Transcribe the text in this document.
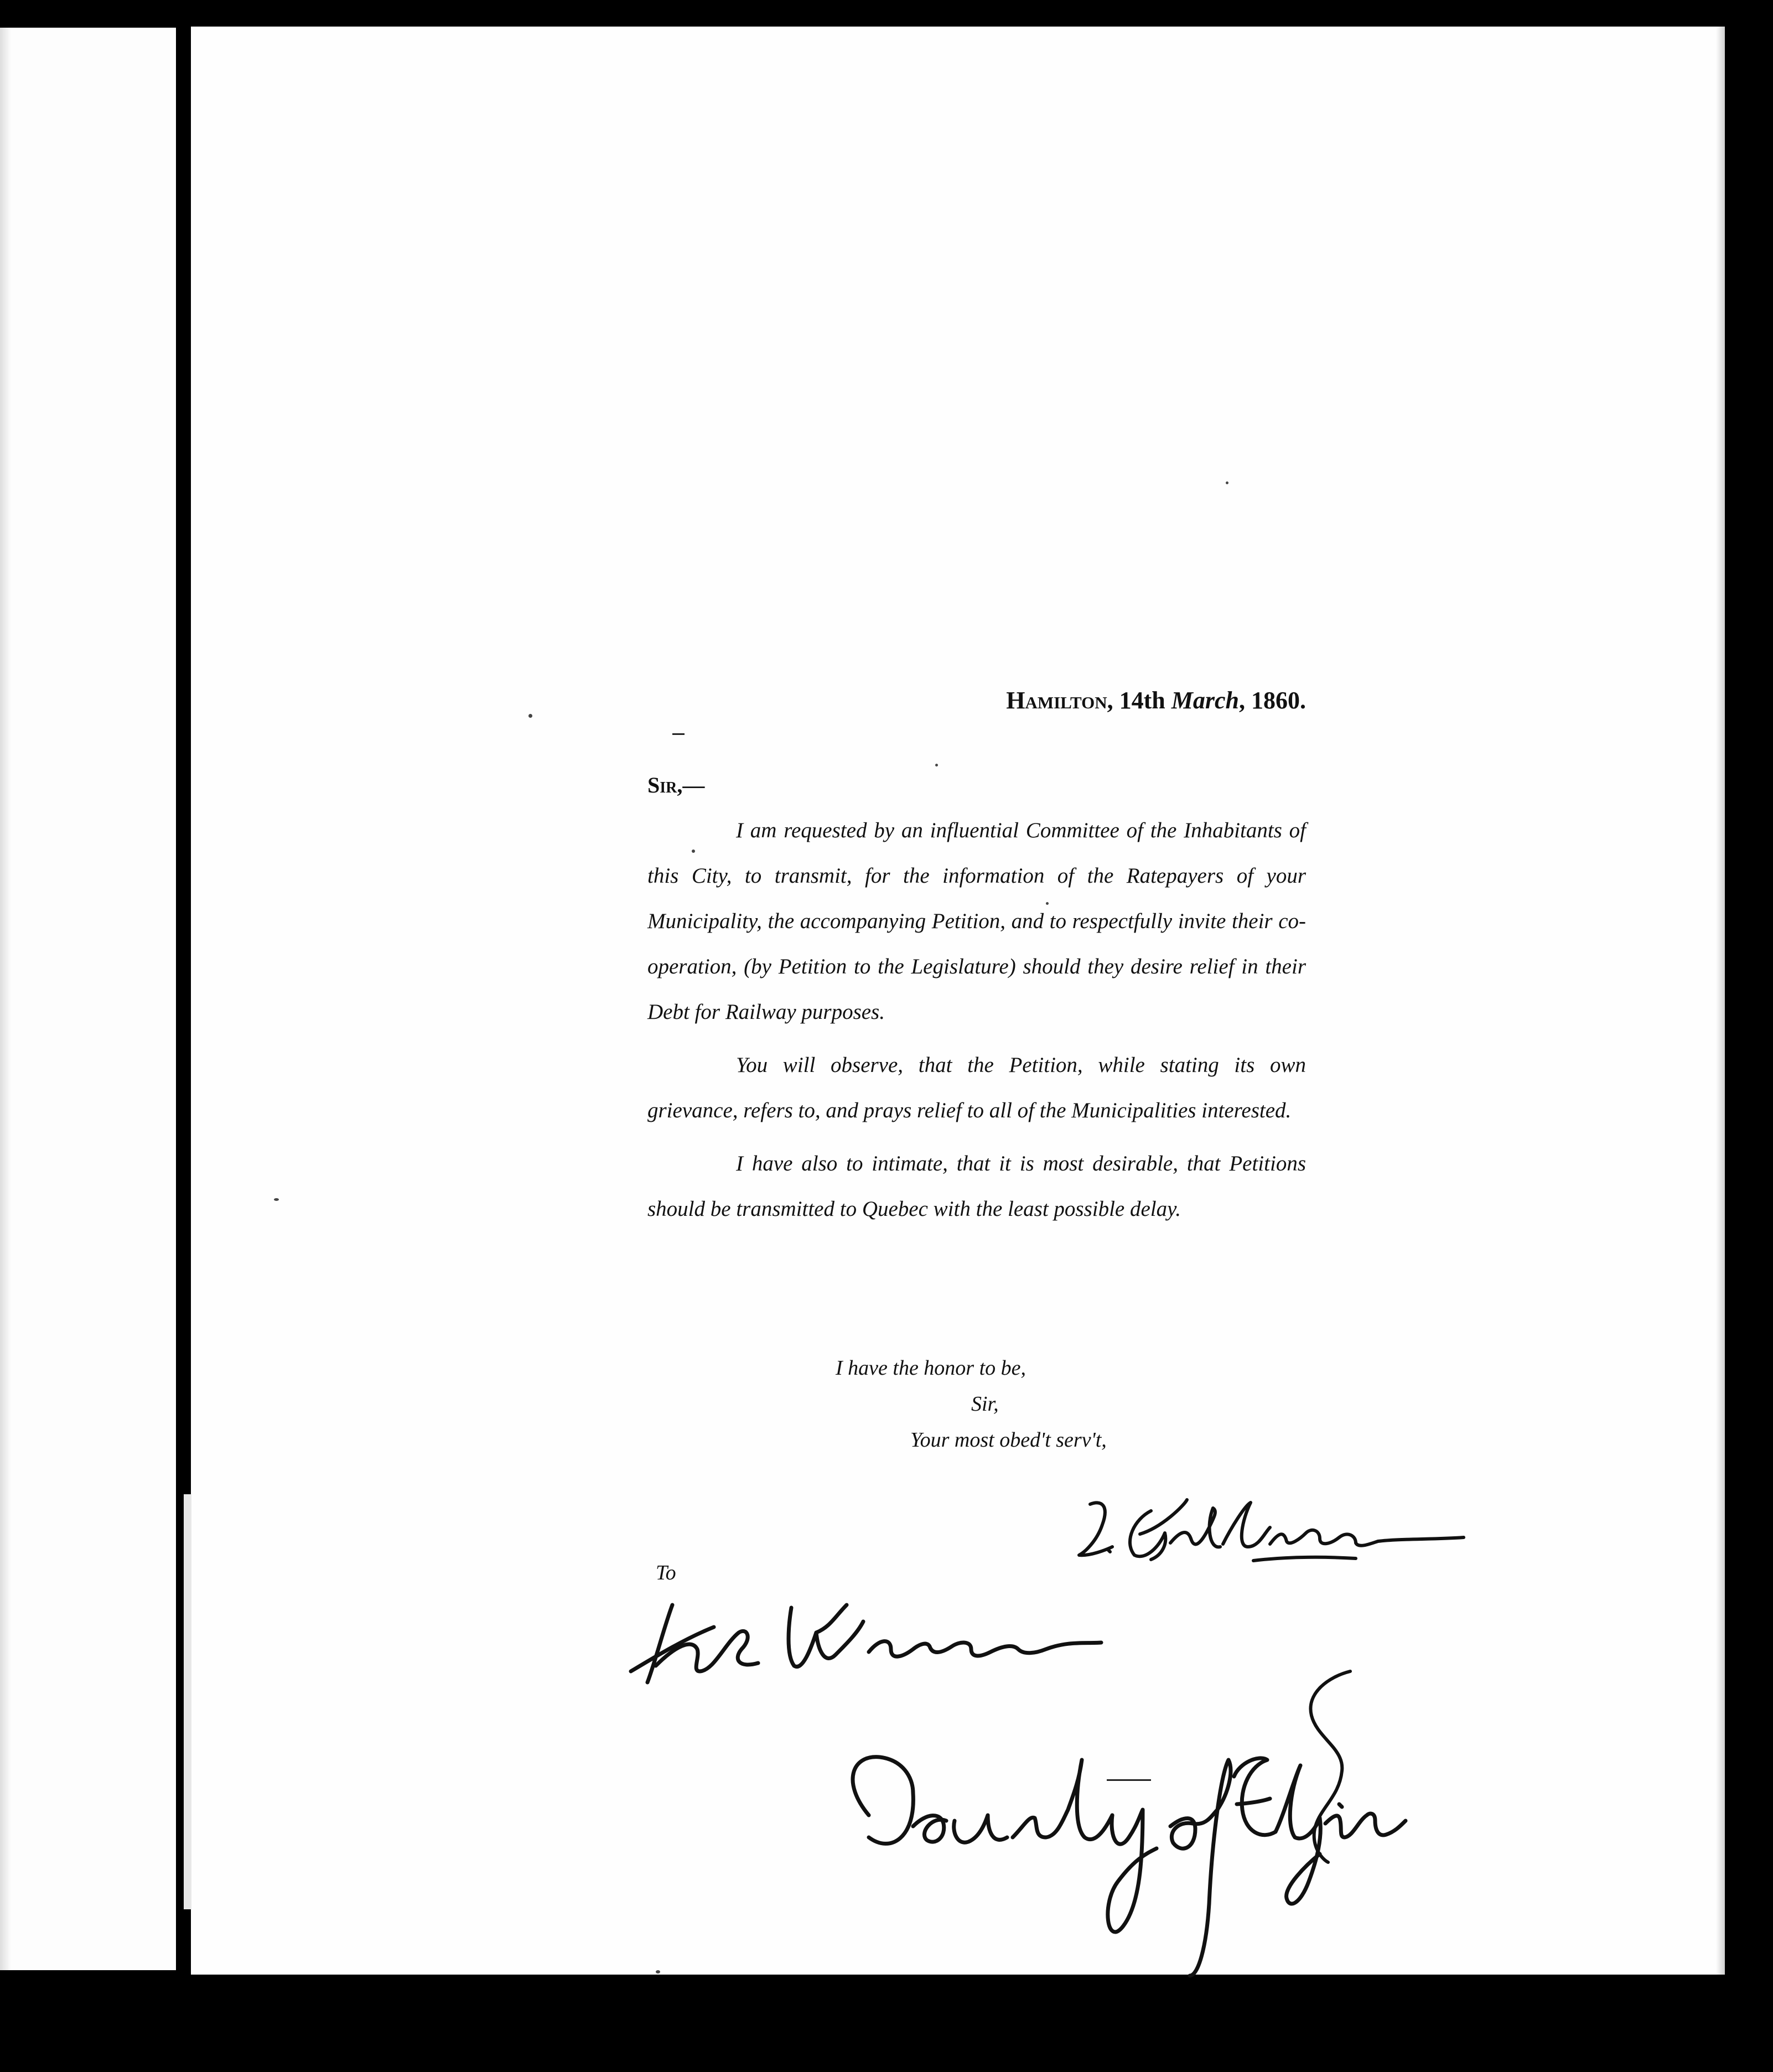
Hamilton, 14th March, 1860.
Sir,—

I am requested by an influential Committee of the Inhabitants of this City, to transmit, for the information of the Ratepayers of your Municipality, the accompanying Petition, and to respectfully invite their co-operation, (by Petition to the Legislature) should they desire relief in their Debt for Railway purposes.

You will observe, that the Petition, while stating its own grievance, refers to, and prays relief to all of the Municipalities interested.

I have also to intimate, that it is most desirable, that Petitions should be transmitted to Quebec with the least possible delay.

I have the honor to be,
Sir,
Your most obed't serv't,
To
